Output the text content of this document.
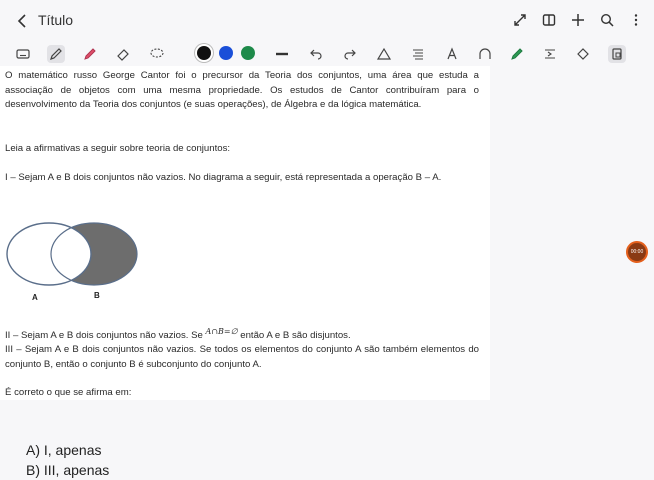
Título

O matemático russo George Cantor foi o precursor da Teoria dos conjuntos, uma área que estuda a associação de objetos com uma mesma propriedade. Os estudos de Cantor contribuíram para o desenvolvimento da Teoria dos conjuntos (e suas operações), de Álgebra e da lógica matemática.

Leia a afirmativas a seguir sobre teoria de conjuntos:

I – Sejam A e B dois conjuntos não vazios. No diagrama a seguir, está representada a operação B – A.

A	B

II – Sejam A e B dois conjuntos não vazios. Se $^{A\cap B=\emptyset}$ então A e B são disjuntos.

III – Sejam A e B dois conjuntos não vazios. Se todos os elementos do conjunto A são também elementos do conjunto B, então o conjunto B é subconjunto do conjunto A.

É correto o que se afirma em:

A) I, apenas
B) III, apenas
00:00
